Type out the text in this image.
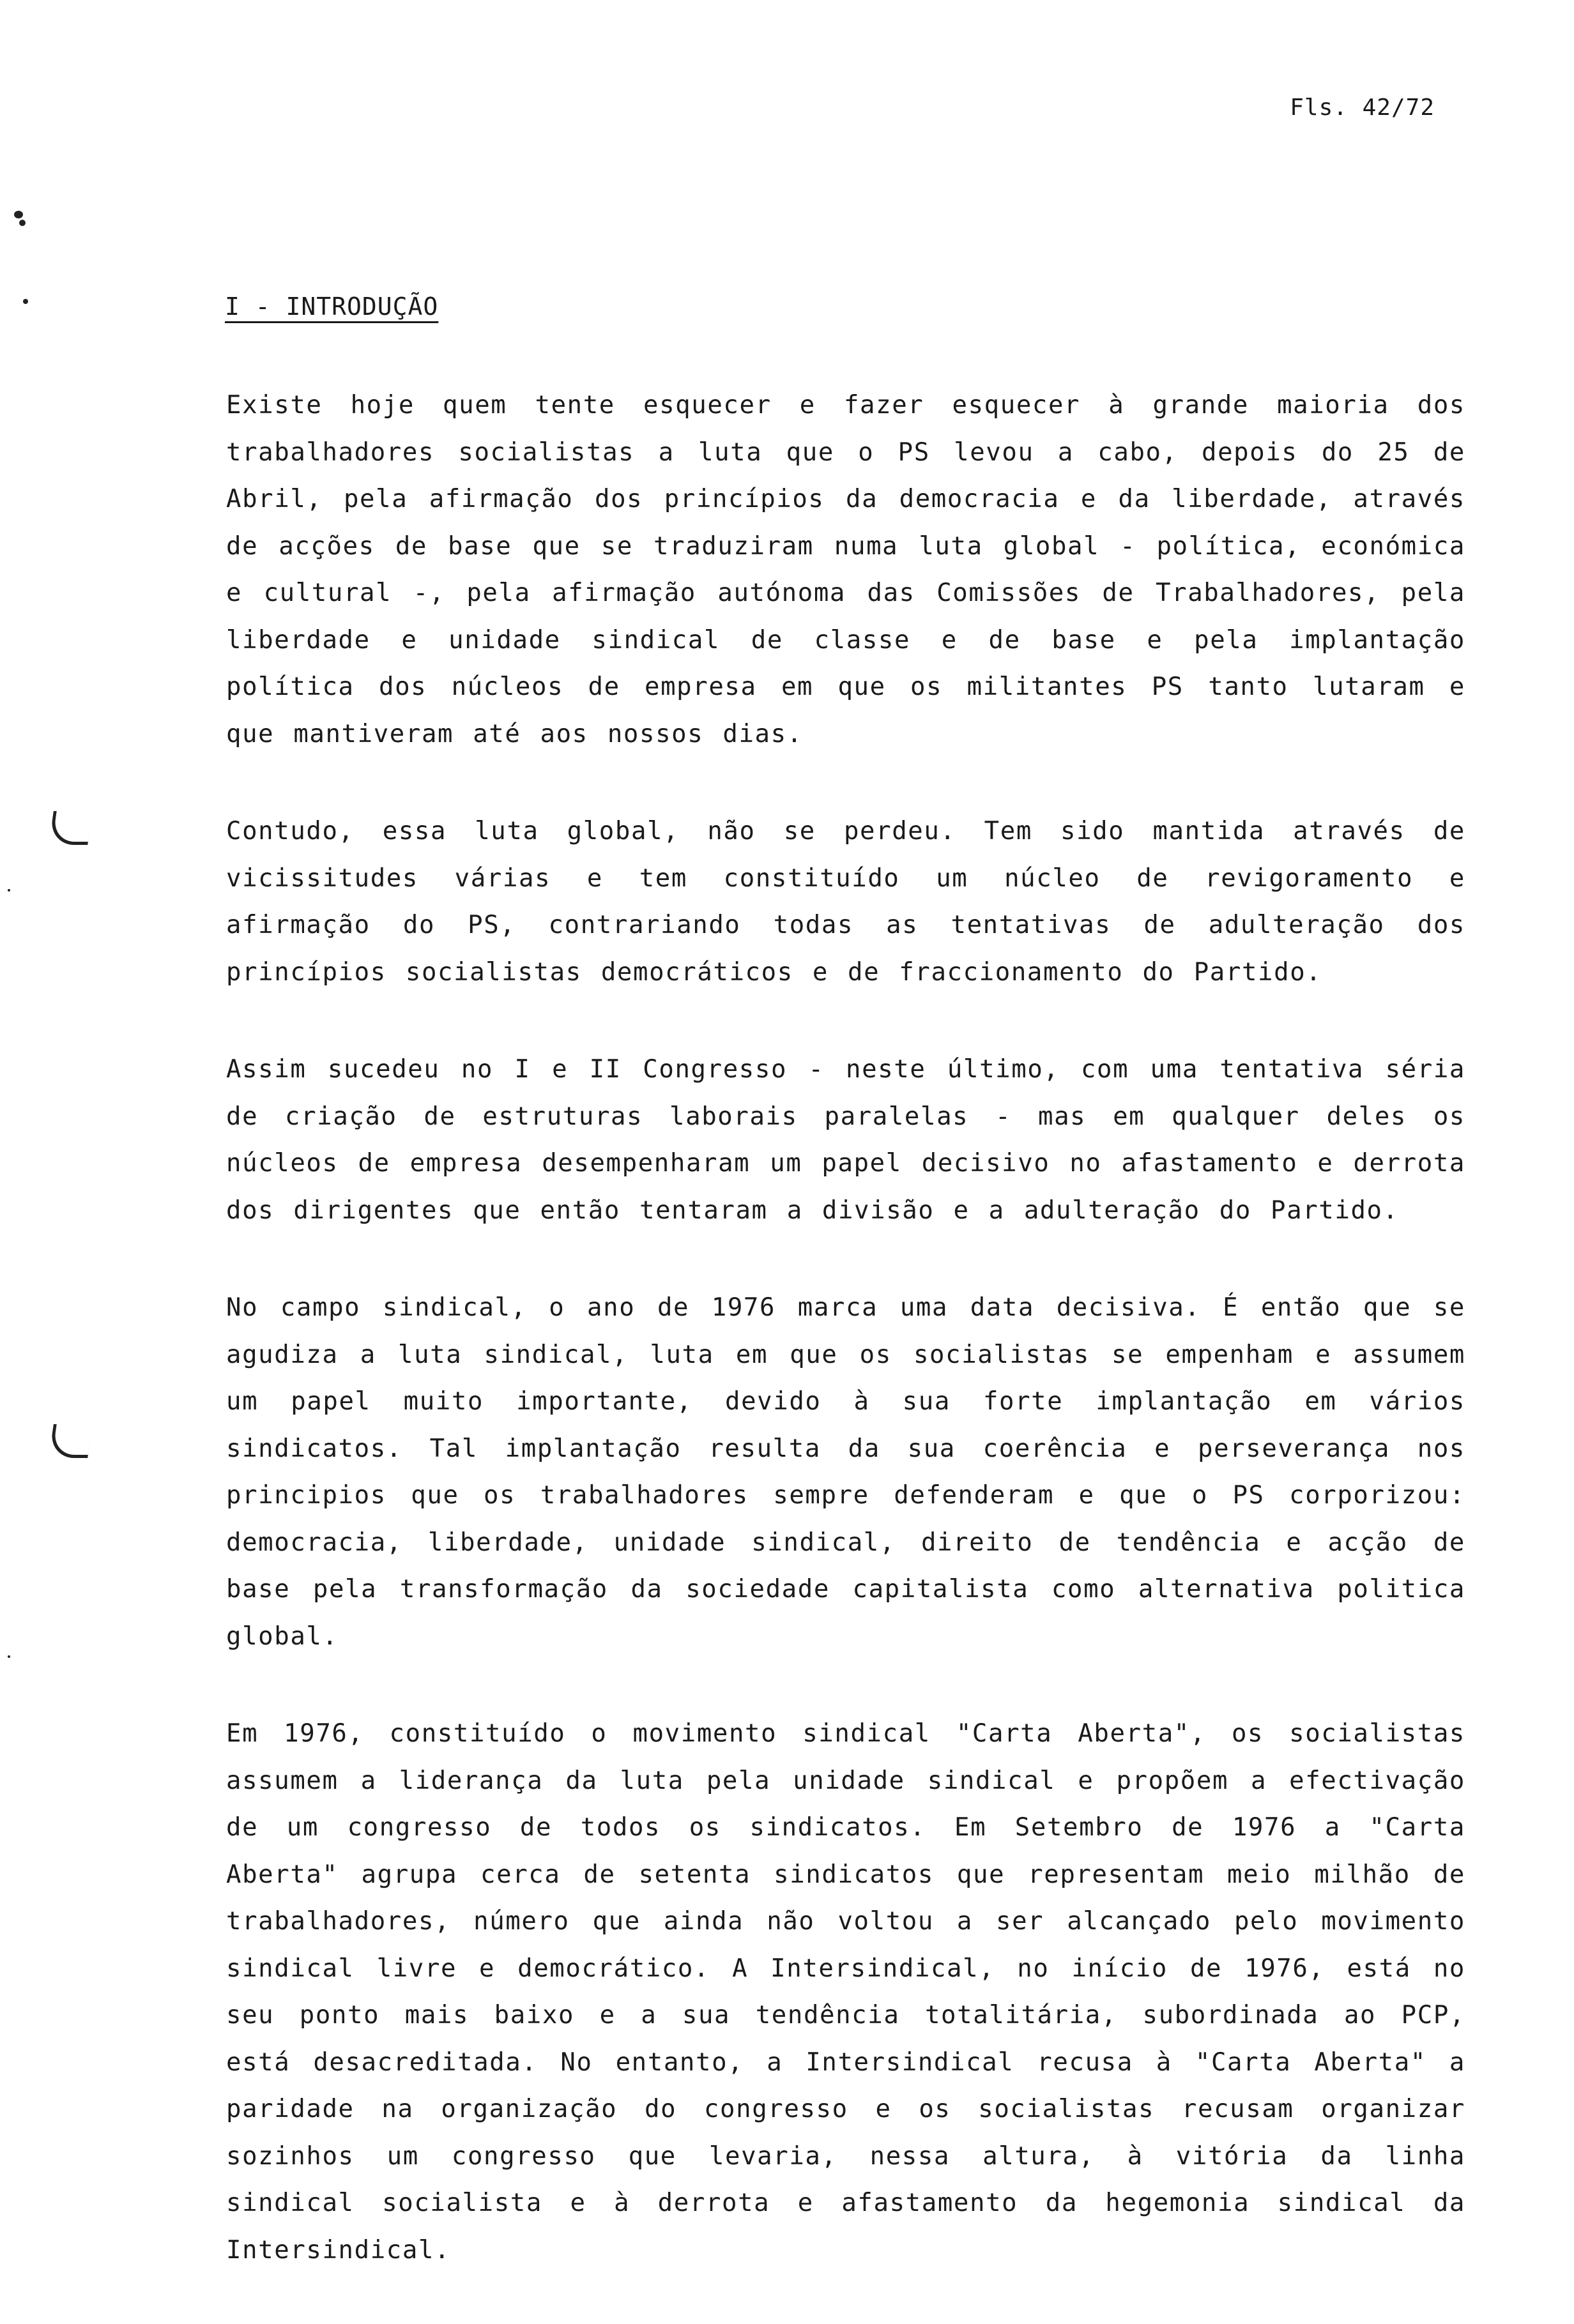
Fls. 42/72
I - INTRODUÇÃO

Existe hoje quem tente esquecer e fazer esquecer à grande maioria dos trabalhadores socialistas a luta que o PS levou a cabo, depois do 25 de Abril, pela afirmação dos princípios da democracia e da liberdade, através de acções de base que se traduziram numa luta global - política, económica e cultural -, pela afirmação autónoma das Comissões de Trabalhadores, pela liberdade e unidade sindical de classe e de base e pela implantação política dos núcleos de empresa em que os militantes PS tanto lutaram e que mantiveram até aos nossos dias.

Contudo, essa luta global, não se perdeu. Tem sido mantida através de vicissitudes várias e tem constituído um núcleo de revigoramento e afirmação do PS, contrariando todas as tentativas de adulteração dos princípios socialistas democráticos e de fraccionamento do Partido.

Assim sucedeu no I e II Congresso - neste último, com uma tentativa séria de criação de estruturas laborais paralelas - mas em qualquer deles os núcleos de empresa desempenharam um papel decisivo no afastamento e derrota dos dirigentes que então tentaram a divisão e a adulteração do Partido.

No campo sindical, o ano de 1976 marca uma data decisiva. É então que se agudiza a luta sindical, luta em que os socialistas se empenham e assumem um papel muito importante, devido à sua forte implantação em vários sindicatos. Tal implantação resulta da sua coerência e perseverança nos principios que os trabalhadores sempre defenderam e que o PS corporizou: democracia, liberdade, unidade sindical, direito de tendência e acção de base pela transformação da sociedade capitalista como alternativa politica global.

Em 1976, constituído o movimento sindical "Carta Aberta", os socialistas assumem a liderança da luta pela unidade sindical e propõem a efectivação de um congresso de todos os sindicatos. Em Setembro de 1976 a "Carta Aberta" agrupa cerca de setenta sindicatos que representam meio milhão de trabalhadores, número que ainda não voltou a ser alcançado pelo movimento sindical livre e democrático. A Intersindical, no início de 1976, está no seu ponto mais baixo e a sua tendência totalitária, subordinada ao PCP, está desacreditada. No entanto, a Intersindical recusa à "Carta Aberta" a paridade na organização do congresso e os socialistas recusam organizar sozinhos um congresso que levaria, nessa altura, à vitória da linha sindical socialista e à derrota e afastamento da hegemonia sindical da Intersindical.
